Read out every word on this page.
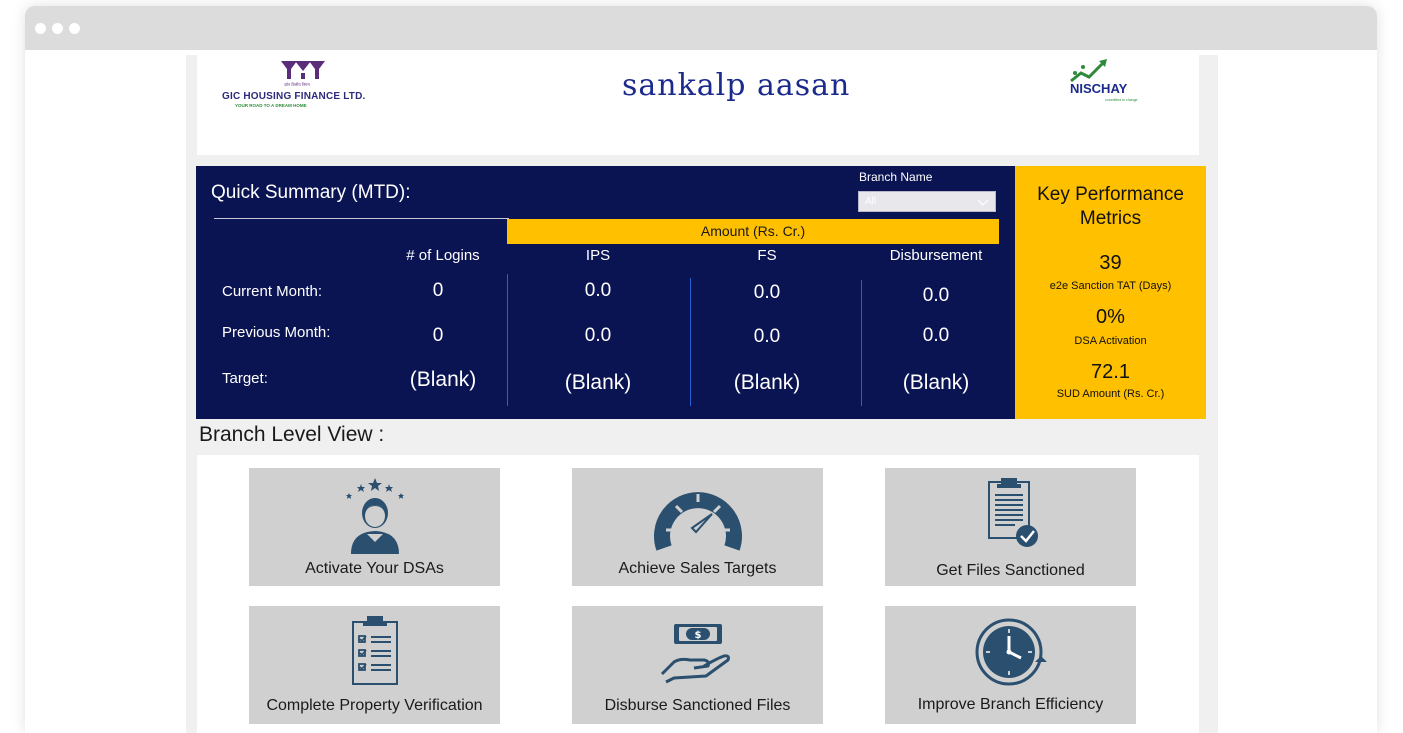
ज़ोन वित्तीय निगम
GIC HOUSING FINANCE LTD.
YOUR ROAD TO A DREAM HOME
sankalp aasan	NISCHAY
committed to change
Quick Summary (MTD):
Branch Name
All
Amount (Rs. Cr.)
# of Logins	IPS	FS	Disbursement
Current Month:	0	0.0	0.0	0.0
Previous Month:	0	0.0	0.0	0.0
Target:	(Blank)	(Blank)	(Blank)	(Blank)
Key Performance Metrics
39
e2e Sanction TAT (Days)
0%
DSA Activation
72.1
SUD Amount (Rs. Cr.)
Branch Level View :
Activate Your DSAs	Achieve Sales Targets	Get Files Sanctioned
Complete Property Verification
$
Disburse Sanctioned Files	Improve Branch Efficiency
